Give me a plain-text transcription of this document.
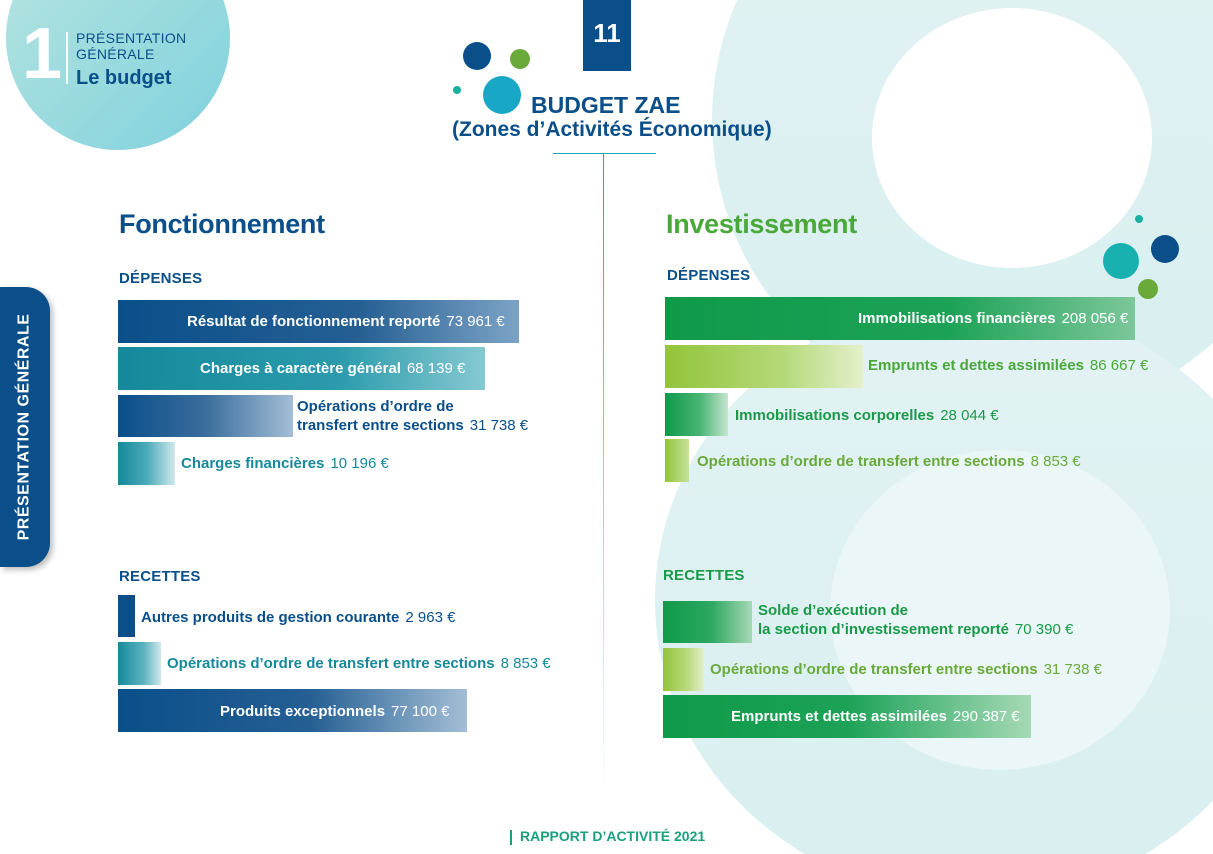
1 PRÉSENTATION GÉNÉRALE
Le budget
11
BUDGET ZAE
(Zones d’Activités Économique)
PRÉSENTATION GÉNÉRALE
Fonctionnement
DÉPENSES
Résultat de fonctionnement reporté 73 961 €
Charges à caractère général 68 139 €
Opérations d’ordre de
transfert entre sections 31 738 €
Charges financières 10 196 €
RECETTES
Autres produits de gestion courante 2 963 €
Opérations d’ordre de transfert entre sections 8 853 €
Produits exceptionnels 77 100 €
Investissement
DÉPENSES
Immobilisations financières 208 056 €
Emprunts et dettes assimilées 86 667 €
Immobilisations corporelles 28 044 €
Opérations d’ordre de transfert entre sections 8 853 €
RECETTES
Solde d’exécution de
la section d’investissement reporté 70 390 €
Opérations d’ordre de transfert entre sections 31 738 €
Emprunts et dettes assimilées 290 387 €
RAPPORT D’ACTIVITÉ 2021
